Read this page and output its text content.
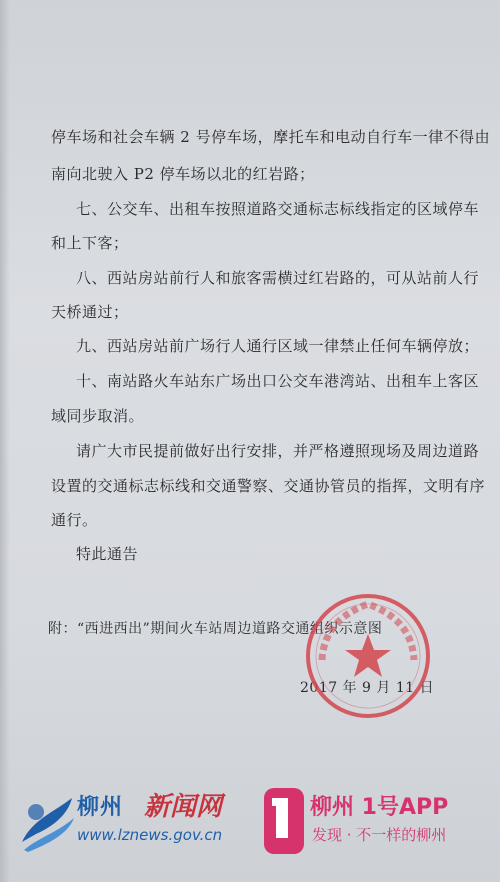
停车场和社会车辆 2 号停车场，摩托车和电动自行车一律不得由
南向北驶入 P2 停车场以北的红岩路；
七、公交车、出租车按照道路交通标志标线指定的区域停车
和上下客；
八、西站房站前行人和旅客需横过红岩路的，可从站前人行
天桥通过；
九、西站房站前广场行人通行区域一律禁止任何车辆停放；
十、南站路火车站东广场出口公交车港湾站、出租车上客区
域同步取消。
请广大市民提前做好出行安排，并严格遵照现场及周边道路
设置的交通标志标线和交通警察、交通协管员的指挥，文明有序
通行。
特此通告
附：“西进西出”期间火车站周边道路交通组织示意图
2017 年 9 月 11 日
柳州 新闻网
www.lznews.gov.cn
柳州 1号APP
发现 · 不一样的柳州
